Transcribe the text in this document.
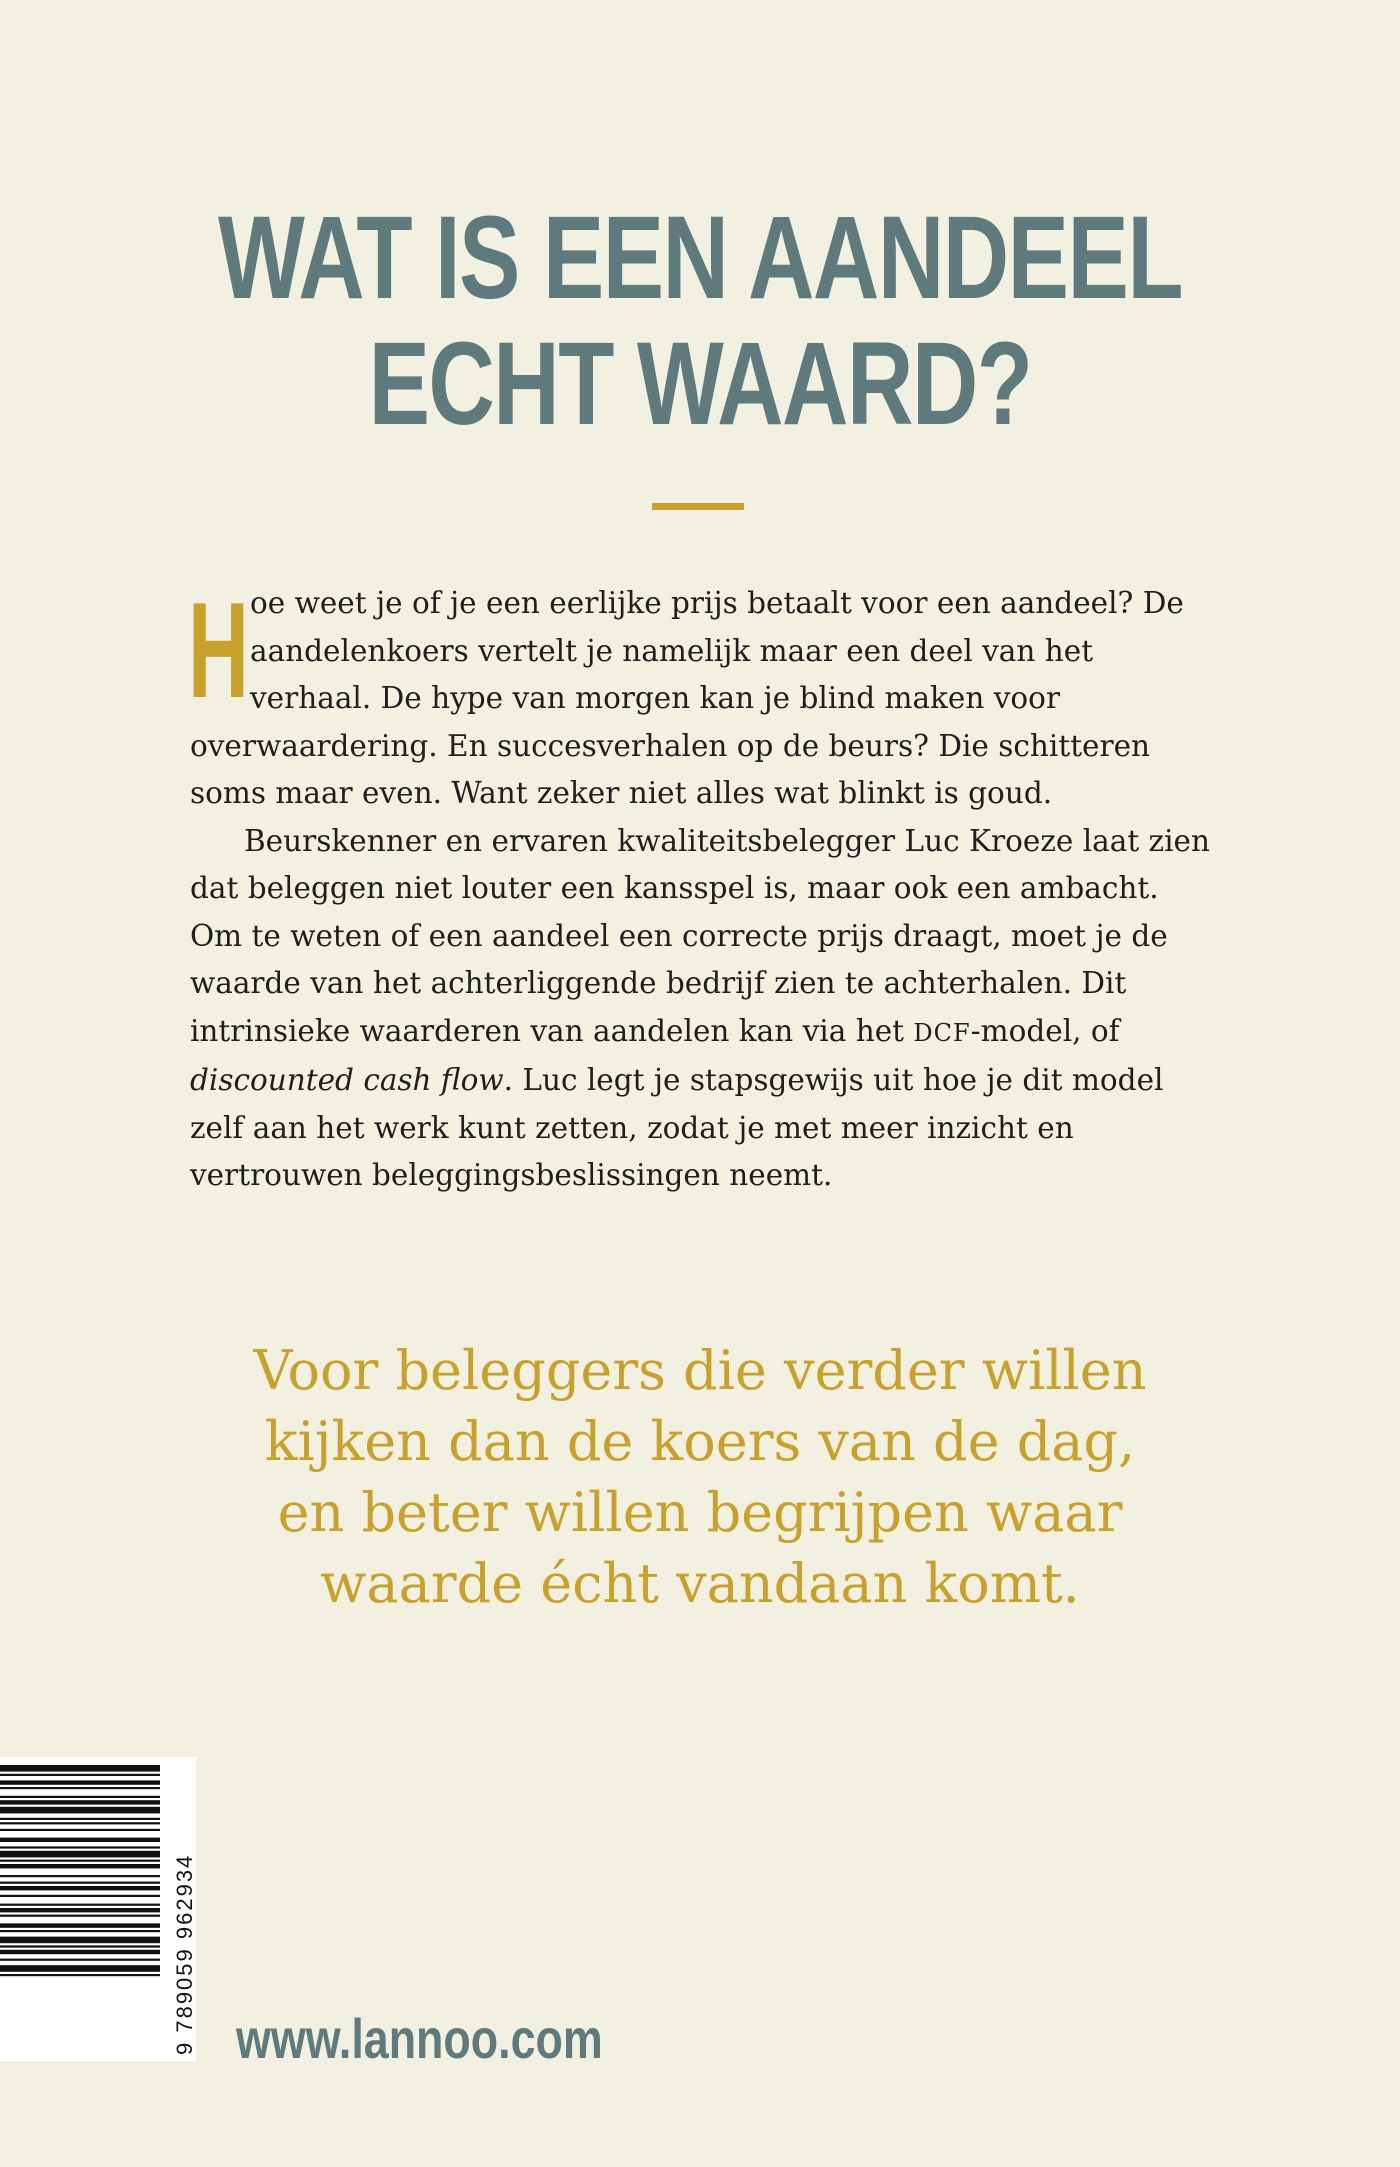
WAT IS EEN AANDEEL
ECHT WAARD?

Hoe weet je of je een eerlijke prijs betaalt voor een aandeel? De aandelenkoers vertelt je namelijk maar een deel van het verhaal. De hype van morgen kan je blind maken voor overwaardering. En succesverhalen op de beurs? Die schitteren soms maar even. Want zeker niet alles wat blinkt is goud.

Beurskenner en ervaren kwaliteitsbelegger Luc Kroeze laat zien dat beleggen niet louter een kansspel is, maar ook een ambacht. Om te weten of een aandeel een correcte prijs draagt, moet je de waarde van het achterliggende bedrijf zien te achterhalen. Dit intrinsieke waarderen van aandelen kan via het DCF-model, of discounted cash flow. Luc legt je stapsgewijs uit hoe je dit model zelf aan het werk kunt zetten, zodat je met meer inzicht en vertrouwen beleggingsbeslissingen neemt.

Voor beleggers die verder willen
kijken dan de koers van de dag,
en beter willen begrijpen waar
waarde écht vandaan komt.
9 789059 962934 www.lannoo.com
